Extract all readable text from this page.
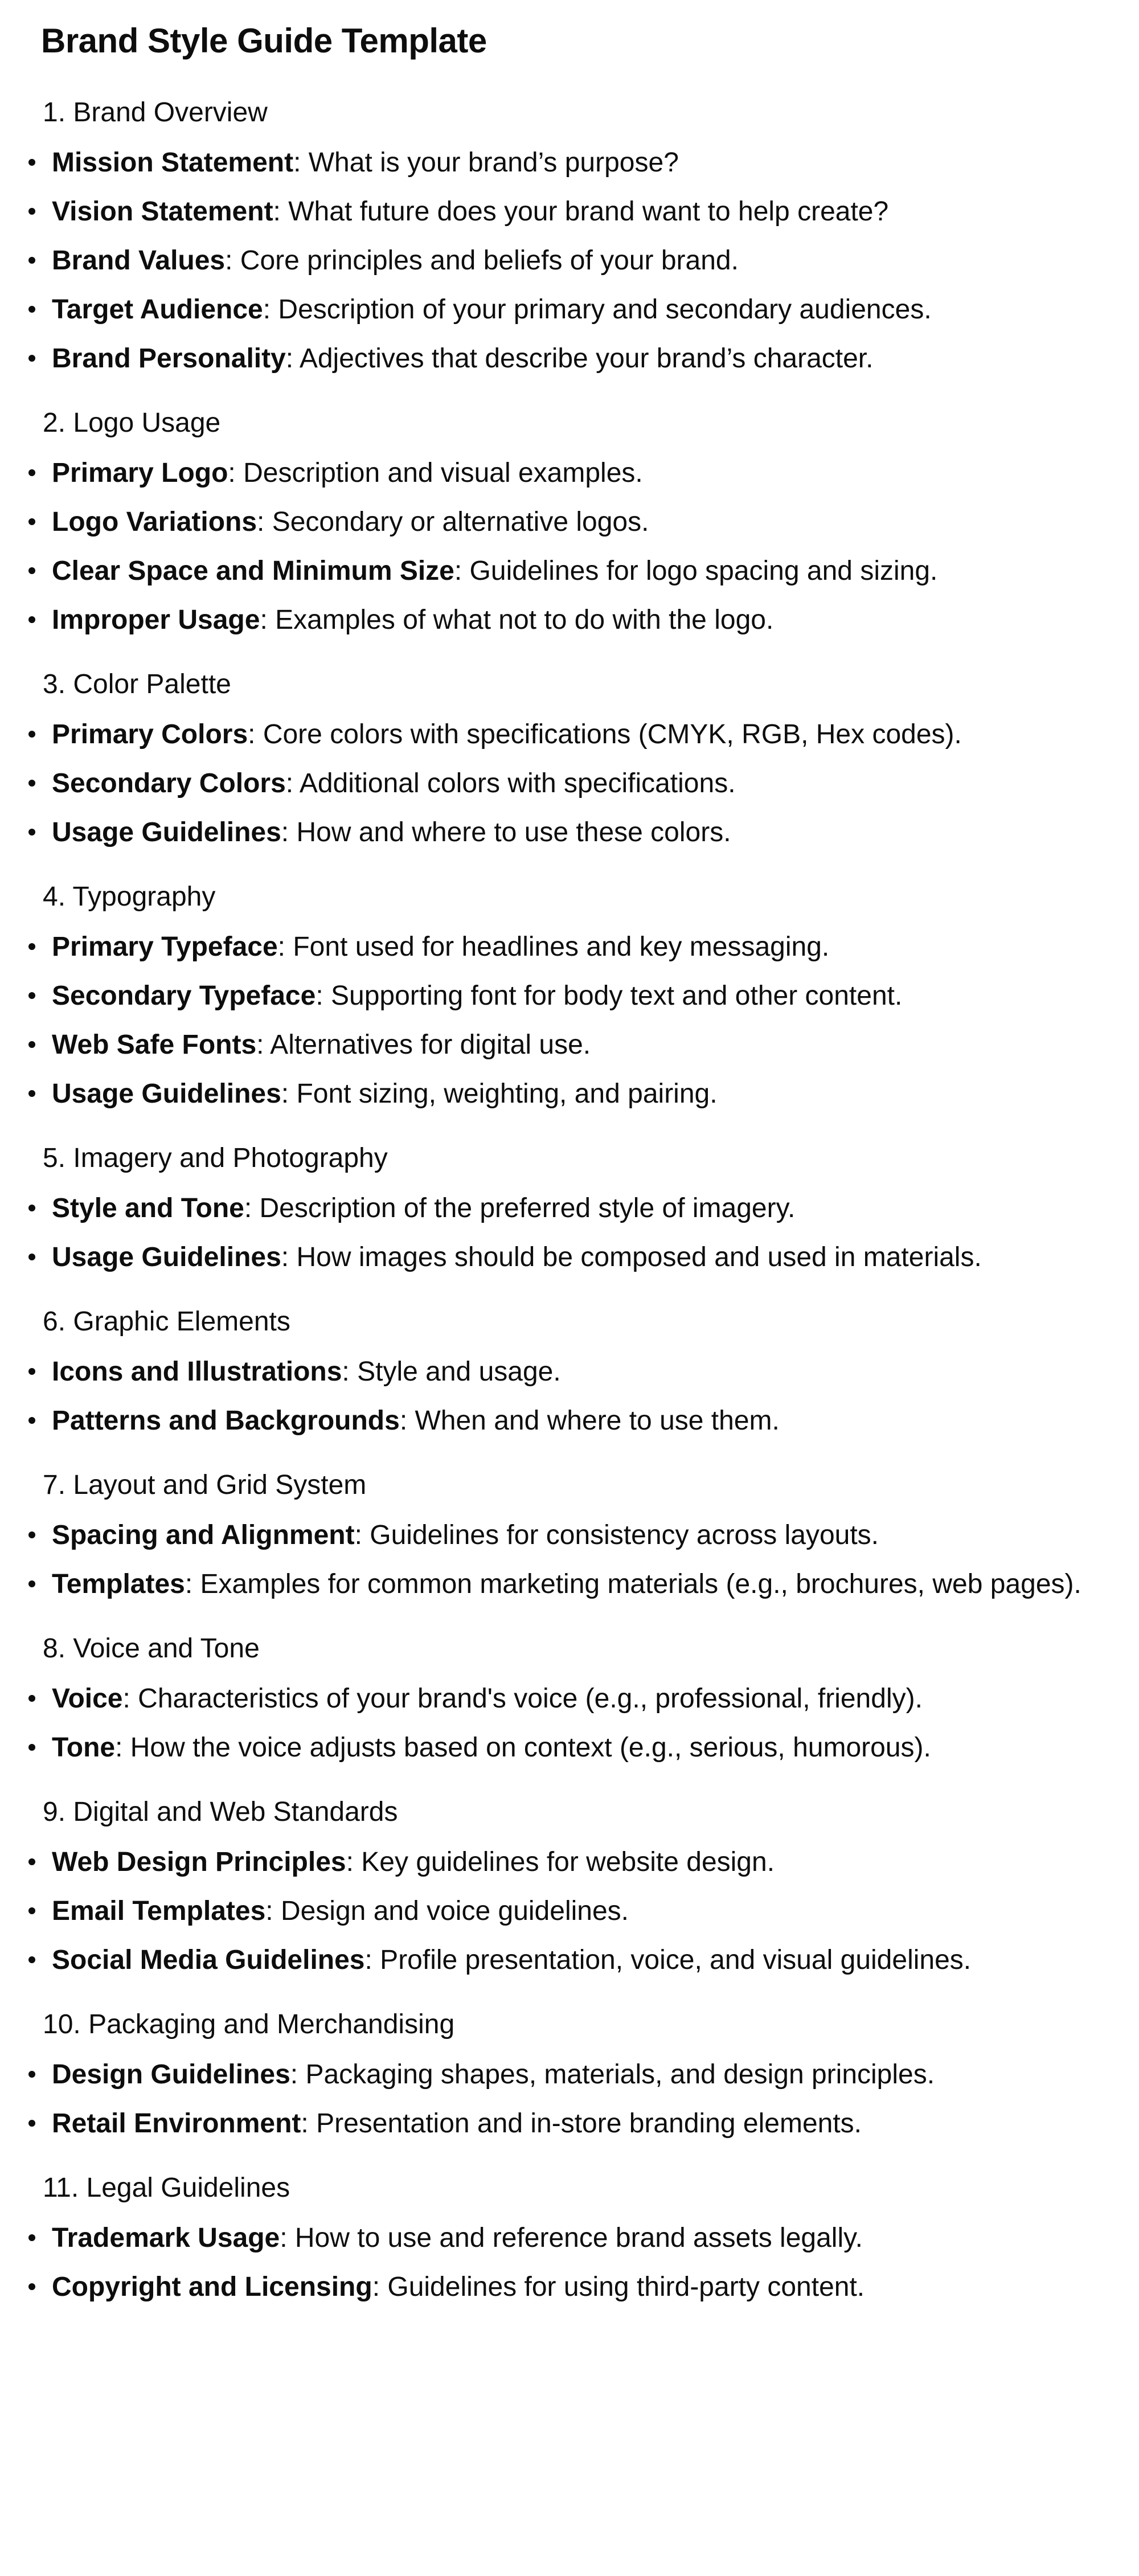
Brand Style Guide Template
1. Brand Overview
Mission Statement: What is your brand’s purpose?
Vision Statement: What future does your brand want to help create?
Brand Values: Core principles and beliefs of your brand.
Target Audience: Description of your primary and secondary audiences.
Brand Personality: Adjectives that describe your brand’s character.
2. Logo Usage
Primary Logo: Description and visual examples.
Logo Variations: Secondary or alternative logos.
Clear Space and Minimum Size: Guidelines for logo spacing and sizing.
Improper Usage: Examples of what not to do with the logo.
3. Color Palette
Primary Colors: Core colors with specifications (CMYK, RGB, Hex codes).
Secondary Colors: Additional colors with specifications.
Usage Guidelines: How and where to use these colors.
4. Typography
Primary Typeface: Font used for headlines and key messaging.
Secondary Typeface: Supporting font for body text and other content.
Web Safe Fonts: Alternatives for digital use.
Usage Guidelines: Font sizing, weighting, and pairing.
5. Imagery and Photography
Style and Tone: Description of the preferred style of imagery.
Usage Guidelines: How images should be composed and used in materials.
6. Graphic Elements
Icons and Illustrations: Style and usage.
Patterns and Backgrounds: When and where to use them.
7. Layout and Grid System
Spacing and Alignment: Guidelines for consistency across layouts.
Templates: Examples for common marketing materials (e.g., brochures, web pages).
8. Voice and Tone
Voice: Characteristics of your brand's voice (e.g., professional, friendly).
Tone: How the voice adjusts based on context (e.g., serious, humorous).
9. Digital and Web Standards
Web Design Principles: Key guidelines for website design.
Email Templates: Design and voice guidelines.
Social Media Guidelines: Profile presentation, voice, and visual guidelines.
10. Packaging and Merchandising
Design Guidelines: Packaging shapes, materials, and design principles.
Retail Environment: Presentation and in-store branding elements.
11. Legal Guidelines
Trademark Usage: How to use and reference brand assets legally.
Copyright and Licensing: Guidelines for using third-party content.
